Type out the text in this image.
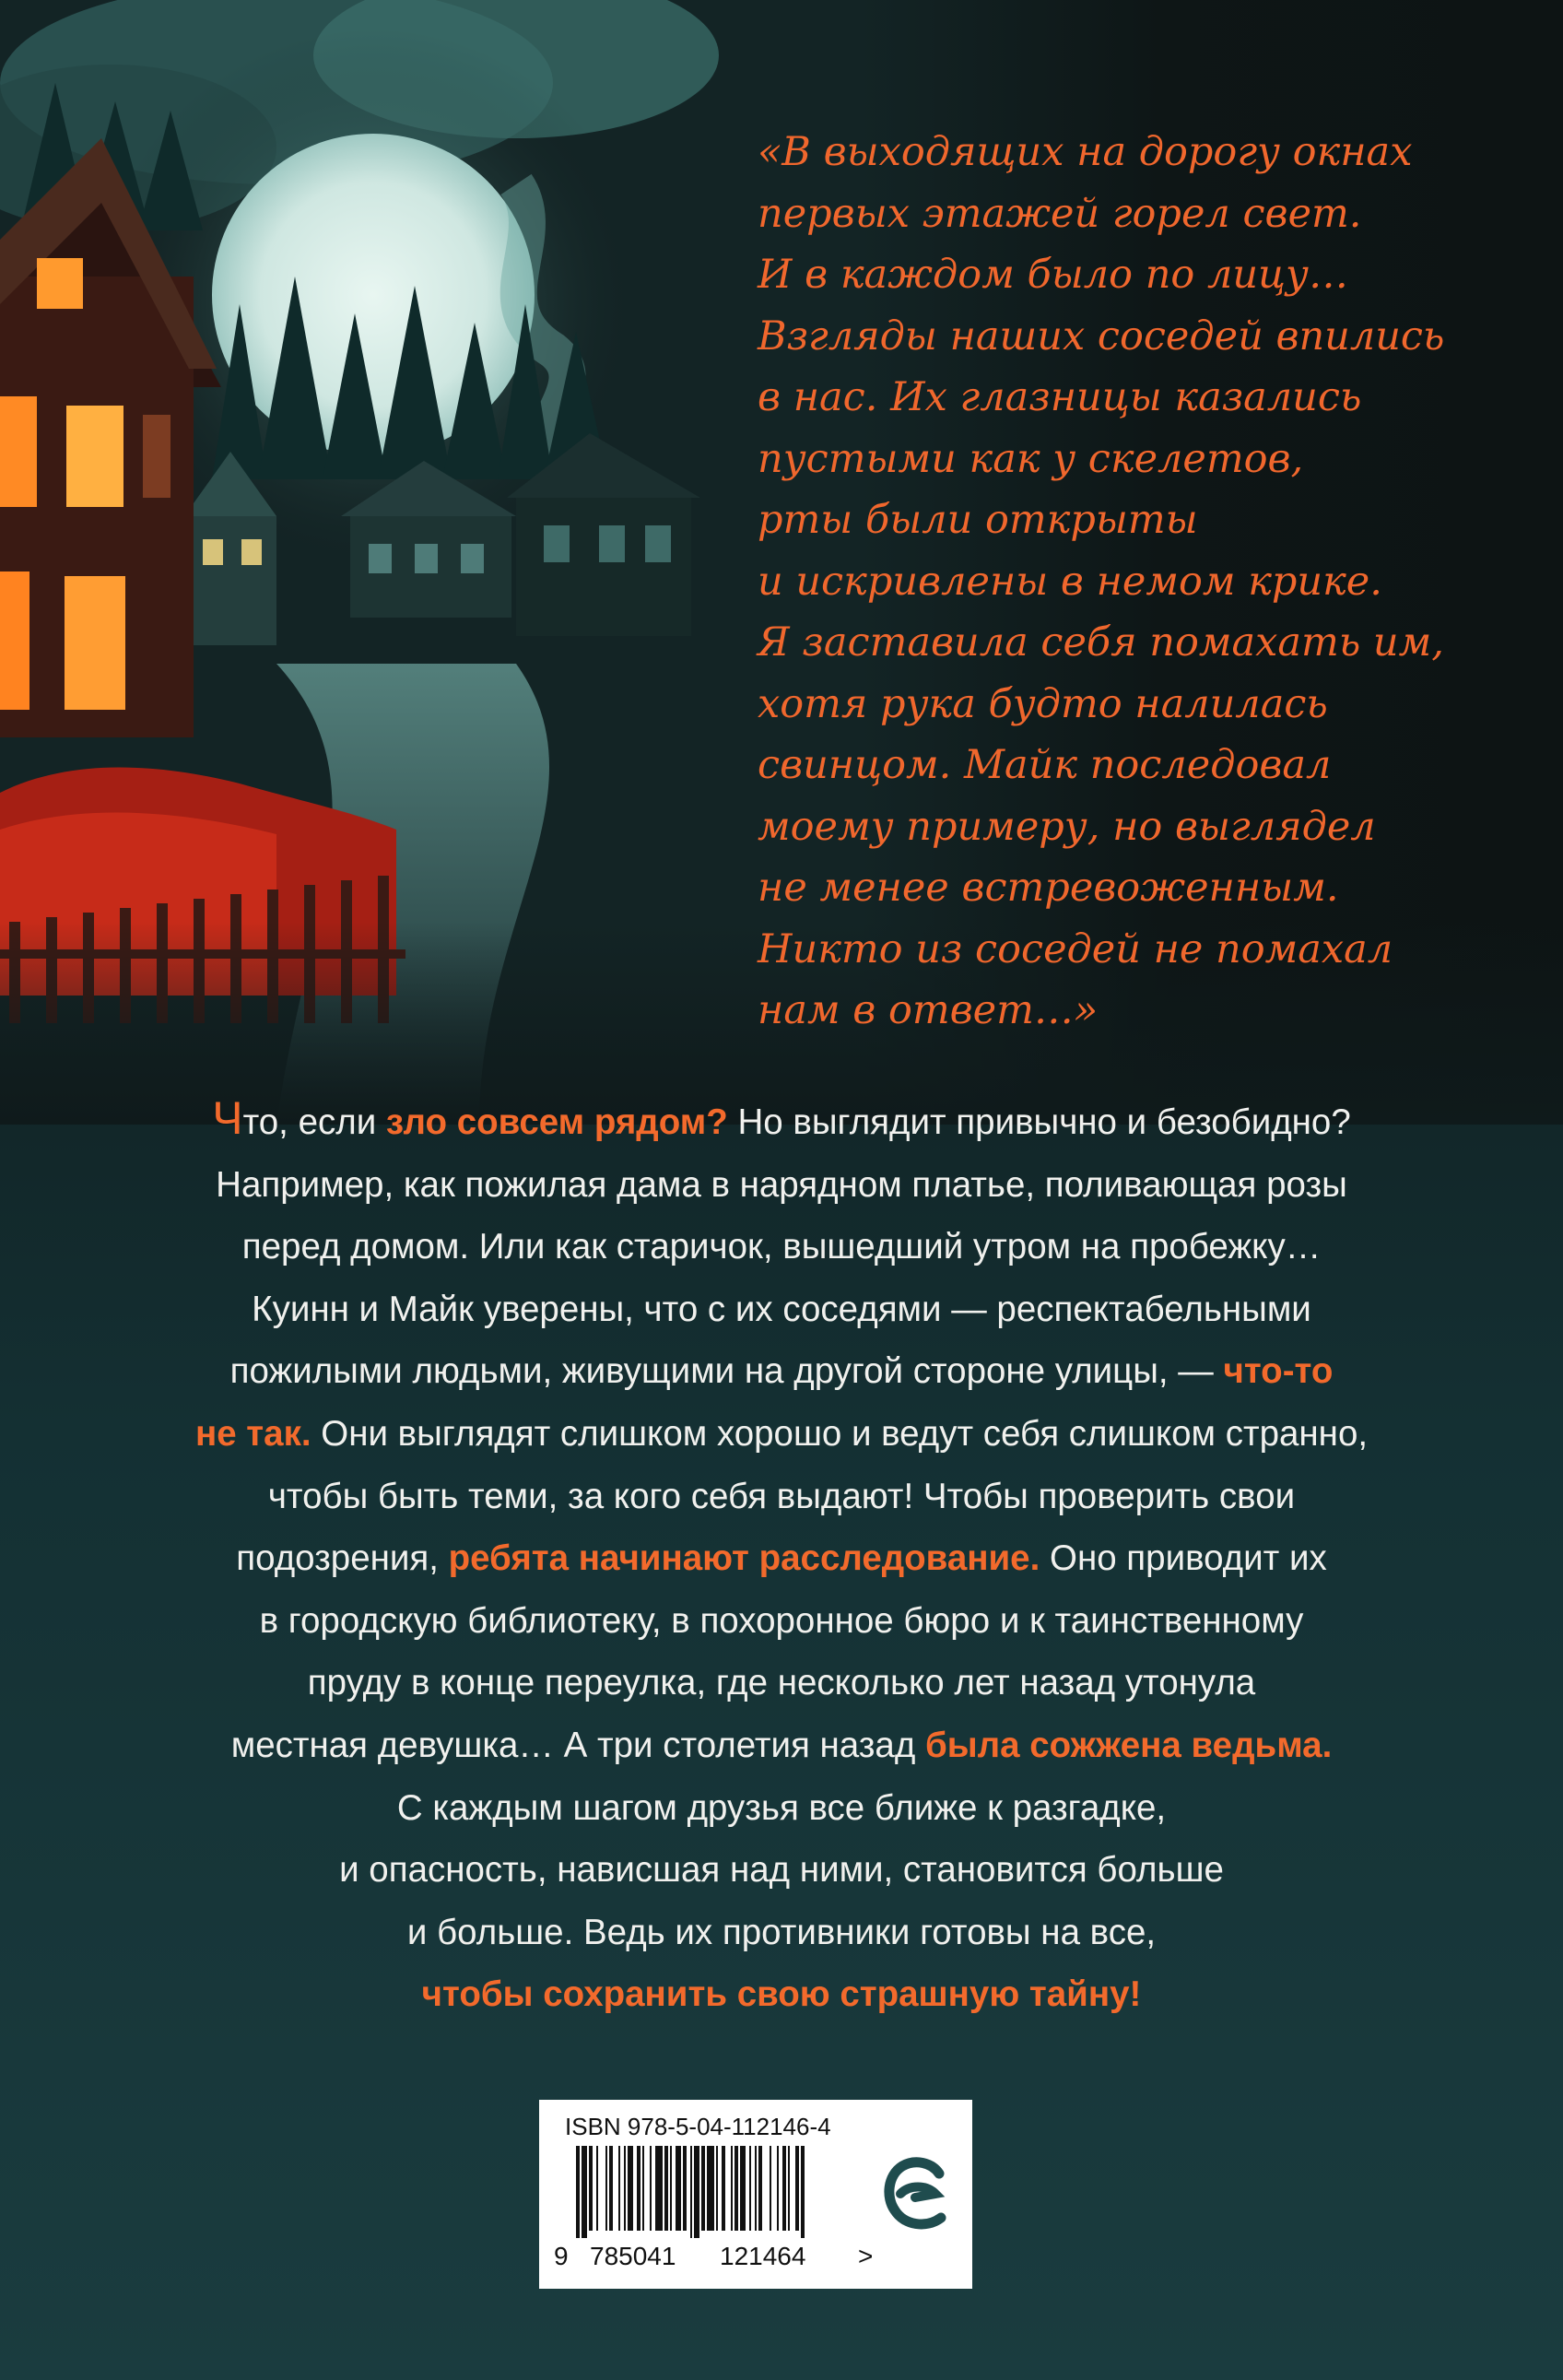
«В выходящих на дорогу окнах
первых этажей горел свет.
И в каждом было по лицу…
Взгляды наших соседей впились
в нас. Их глазницы казались
пустыми как у скелетов,
рты были открыты
и искривлены в немом крике.
Я заставила себя помахать им,
хотя рука будто налилась
свинцом. Майк последовал
моему примеру, но выглядел
не менее встревоженным.
Никто из соседей не помахал
нам в ответ…»

Что, если зло совсем рядом? Но выглядит привычно и безобидно?
Например, как пожилая дама в нарядном платье, поливающая розы
перед домом. Или как старичок, вышедший утром на пробежку…
Куинн и Майк уверены, что с их соседями — респектабельными
пожилыми людьми, живущими на другой стороне улицы, — что-то
не так. Они выглядят слишком хорошо и ведут себя слишком странно,
чтобы быть теми, за кого себя выдают! Чтобы проверить свои
подозрения, ребята начинают расследование. Оно приводит их
в городскую библиотеку, в похоронное бюро и к таинственному
пруду в конце переулка, где несколько лет назад утонула
местная девушка… А три столетия назад была сожжена ведьма.
С каждым шагом друзья все ближе к разгадке,
и опасность, нависшая над ними, становится больше
и больше. Ведь их противники готовы на все,
чтобы сохранить свою страшную тайну!

ISBN 978-5-04-112146-4
9 785041 121464 >
